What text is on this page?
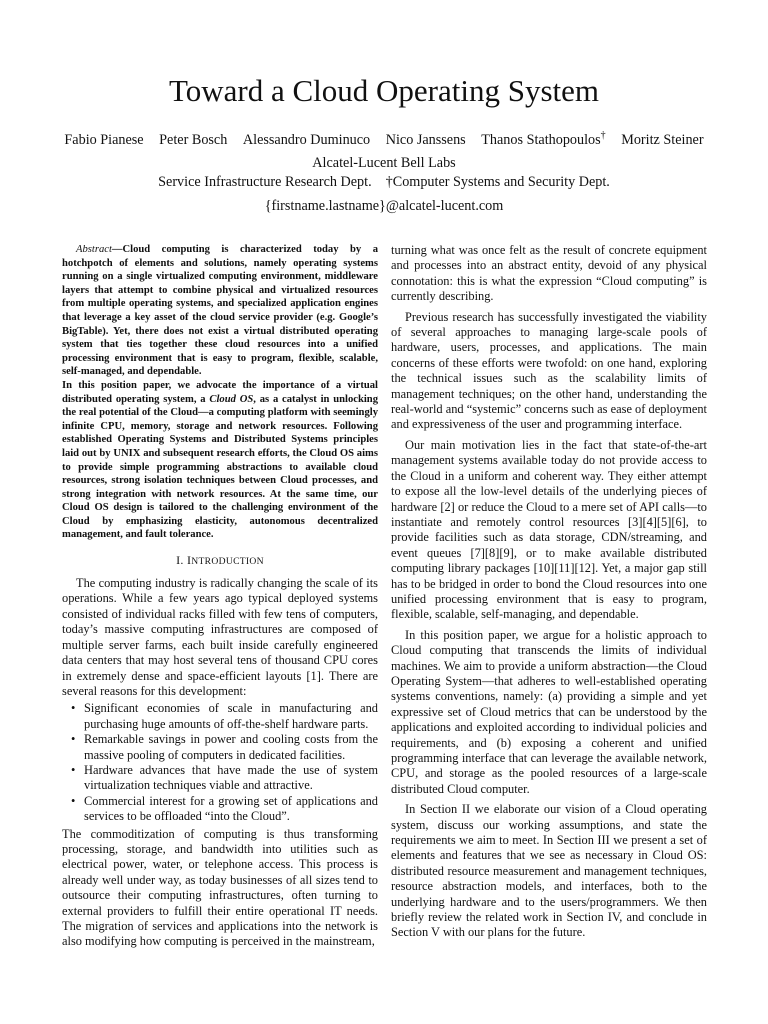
Toward a Cloud Operating System
Fabio Pianese Peter Bosch Alessandro Duminuco Nico Janssens Thanos Stathopoulos† Moritz Steiner
Alcatel-Lucent Bell Labs
Service Infrastructure Research Dept. †Computer Systems and Security Dept.
{firstname.lastname}@alcatel-lucent.com

Abstract—Cloud computing is characterized today by a hotchpotch of elements and solutions, namely operating systems running on a single virtualized computing environment, middleware layers that attempt to combine physical and virtualized resources from multiple operating systems, and specialized application engines that leverage a key asset of the cloud service provider (e.g. Google’s BigTable). Yet, there does not exist a virtual distributed operating system that ties together these cloud resources into a unified processing environment that is easy to program, flexible, scalable, self-managed, and dependable.

In this position paper, we advocate the importance of a virtual distributed operating system, a Cloud OS, as a catalyst in unlocking the real potential of the Cloud—a computing platform with seemingly infinite CPU, memory, storage and network resources. Following established Operating Systems and Distributed Systems principles laid out by UNIX and subsequent research efforts, the Cloud OS aims to provide simple programming abstractions to available cloud resources, strong isolation techniques between Cloud processes, and strong integration with network resources. At the same time, our Cloud OS design is tailored to the challenging environment of the Cloud by emphasizing elasticity, autonomous decentralized management, and fault tolerance.

I. INTRODUCTION

The computing industry is radically changing the scale of its operations. While a few years ago typical deployed systems consisted of individual racks filled with few tens of computers, today’s massive computing infrastructures are composed of multiple server farms, each built inside carefully engineered data centers that may host several tens of thousand CPU cores in extremely dense and space-efficient layouts [1]. There are several reasons for this development:

• Significant economies of scale in manufacturing and purchasing huge amounts of off-the-shelf hardware parts.
• Remarkable savings in power and cooling costs from the massive pooling of computers in dedicated facilities.
• Hardware advances that have made the use of system virtualization techniques viable and attractive.
• Commercial interest for a growing set of applications and services to be offloaded “into the Cloud”.

The commoditization of computing is thus transforming processing, storage, and bandwidth into utilities such as electrical power, water, or telephone access. This process is already well under way, as today businesses of all sizes tend to outsource their computing infrastructures, often turning to external providers to fulfill their entire operational IT needs. The migration of services and applications into the network is also modifying how computing is perceived in the mainstream,

turning what was once felt as the result of concrete equipment and processes into an abstract entity, devoid of any physical connotation: this is what the expression “Cloud computing” is currently describing.

Previous research has successfully investigated the viability of several approaches to managing large-scale pools of hardware, users, processes, and applications. The main concerns of these efforts were twofold: on one hand, exploring the technical issues such as the scalability limits of management techniques; on the other hand, understanding the real-world and “systemic” concerns such as ease of deployment and expressiveness of the user and programming interface.

Our main motivation lies in the fact that state-of-the-art management systems available today do not provide access to the Cloud in a uniform and coherent way. They either attempt to expose all the low-level details of the underlying pieces of hardware [2] or reduce the Cloud to a mere set of API calls—to instantiate and remotely control resources [3][4][5][6], to provide facilities such as data storage, CDN/streaming, and event queues [7][8][9], or to make available distributed computing library packages [10][11][12]. Yet, a major gap still has to be bridged in order to bond the Cloud resources into one unified processing environment that is easy to program, flexible, scalable, self-managing, and dependable.

In this position paper, we argue for a holistic approach to Cloud computing that transcends the limits of individual machines. We aim to provide a uniform abstraction—the Cloud Operating System—that adheres to well-established operating systems conventions, namely: (a) providing a simple and yet expressive set of Cloud metrics that can be understood by the applications and exploited according to individual policies and requirements, and (b) exposing a coherent and unified programming interface that can leverage the available network, CPU, and storage as the pooled resources of a large-scale distributed Cloud computer.

In Section II we elaborate our vision of a Cloud operating system, discuss our working assumptions, and state the requirements we aim to meet. In Section III we present a set of elements and features that we see as necessary in Cloud OS: distributed resource measurement and management techniques, resource abstraction models, and interfaces, both to the underlying hardware and to the users/programmers. We then briefly review the related work in Section IV, and conclude in Section V with our plans for the future.
